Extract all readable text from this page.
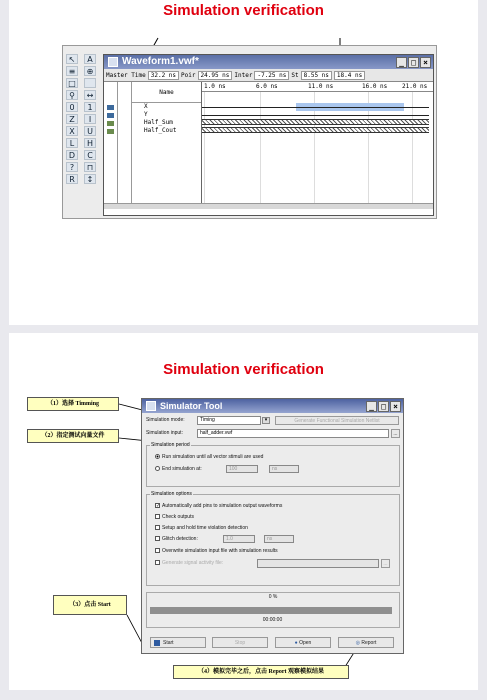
Simulation verification
↖	A
≡	⊕
□
⚲	↔
0	1
Z	I
X	U
L	H
D	C
?	⊓
R	↕
Waveform1.vwf*	_ □ ×
Master Time 32.2 ns Poir 24.95 ns Inter -7.25 ns St 8.55 ns	18.4 ns
Name
X
Y
Half_Sum
Half_Cout
1.0 ns	6.0 ns	11.0 ns	16.0 ns 21.0 ns
Simulation verification
Simulator Tool	_ □ ×
Simulation mode:	Timing	▾	Generate Functional Simulation Netlist
Simulation input:	half_adder.vwf	...
Simulation period
Run simulation until all vector stimuli are used
End simulation at:	100	ns
Simulation options
✓ Automatically add pins to simulation output waveforms
Check outputs
Setup and hold time violation detection
Glitch detection:	1.0	ns
Overwrite simulation input file with simulation results
Generate signal activity file:	...
0 %
00:00:00
Start	Stop	● Open	◎ Report
（1）选择 Timming
（2）指定测试向量文件
（3）点击 Start
（4）模拟完毕之后，点击 Report 观察模拟结果
